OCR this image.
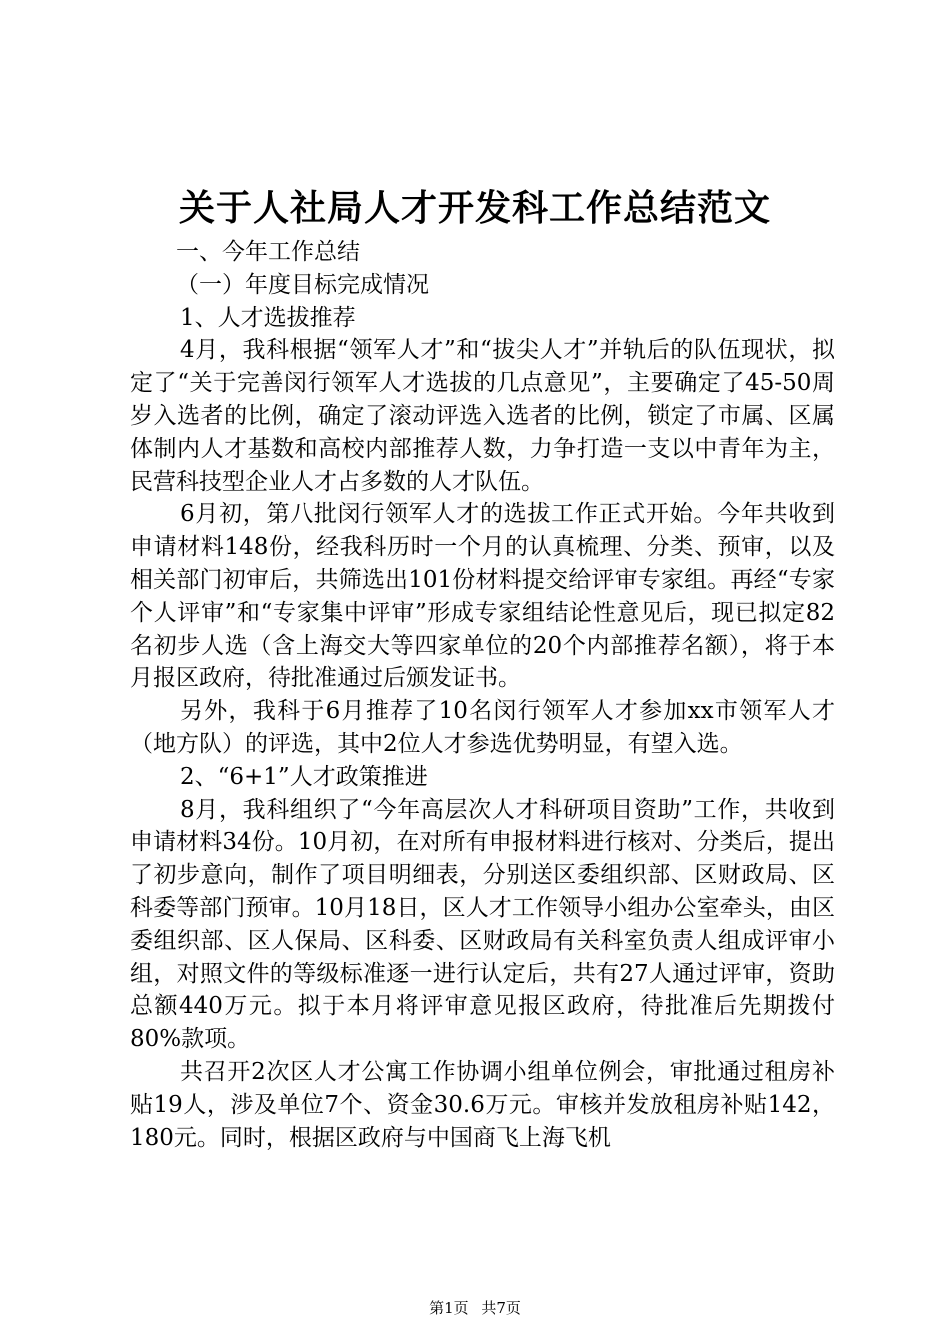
关于人社局人才开发科工作总结范文

一、今年工作总结

（一）年度目标完成情况

1、人才选拔推荐

4月，我科根据“领军人才”和“拔尖人才”并轨后的队伍现状，拟定了“关于完善闵行领军人才选拔的几点意见”，主要确定了45-50周岁入选者的比例，确定了滚动评选入选者的比例，锁定了市属、区属体制内人才基数和高校内部推荐人数，力争打造一支以中青年为主，民营科技型企业人才占多数的人才队伍。

6月初，第八批闵行领军人才的选拔工作正式开始。今年共收到申请材料148份，经我科历时一个月的认真梳理、分类、预审，以及相关部门初审后，共筛选出101份材料提交给评审专家组。再经“专家个人评审”和“专家集中评审”形成专家组结论性意见后，现已拟定82名初步人选（含上海交大等四家单位的20个内部推荐名额），将于本月报区政府，待批准通过后颁发证书。

另外，我科于6月推荐了10名闵行领军人才参加xx市领军人才（地方队）的评选，其中2位人才参选优势明显，有望入选。

2、“6+1”人才政策推进

8月，我科组织了“今年高层次人才科研项目资助”工作，共收到申请材料34份。10月初，在对所有申报材料进行核对、分类后，提出了初步意向，制作了项目明细表，分别送区委组织部、区财政局、区科委等部门预审。10月18日，区人才工作领导小组办公室牵头，由区委组织部、区人保局、区科委、区财政局有关科室负责人组成评审小组，对照文件的等级标准逐一进行认定后，共有27人通过评审，资助总额440万元。拟于本月将评审意见报区政府，待批准后先期拨付80%款项。

共召开2次区人才公寓工作协调小组单位例会，审批通过租房补贴19人，涉及单位7个、资金30.6万元。审核并发放租房补贴142，180元。同时，根据区政府与中国商飞上海飞机

第1页 共7页
